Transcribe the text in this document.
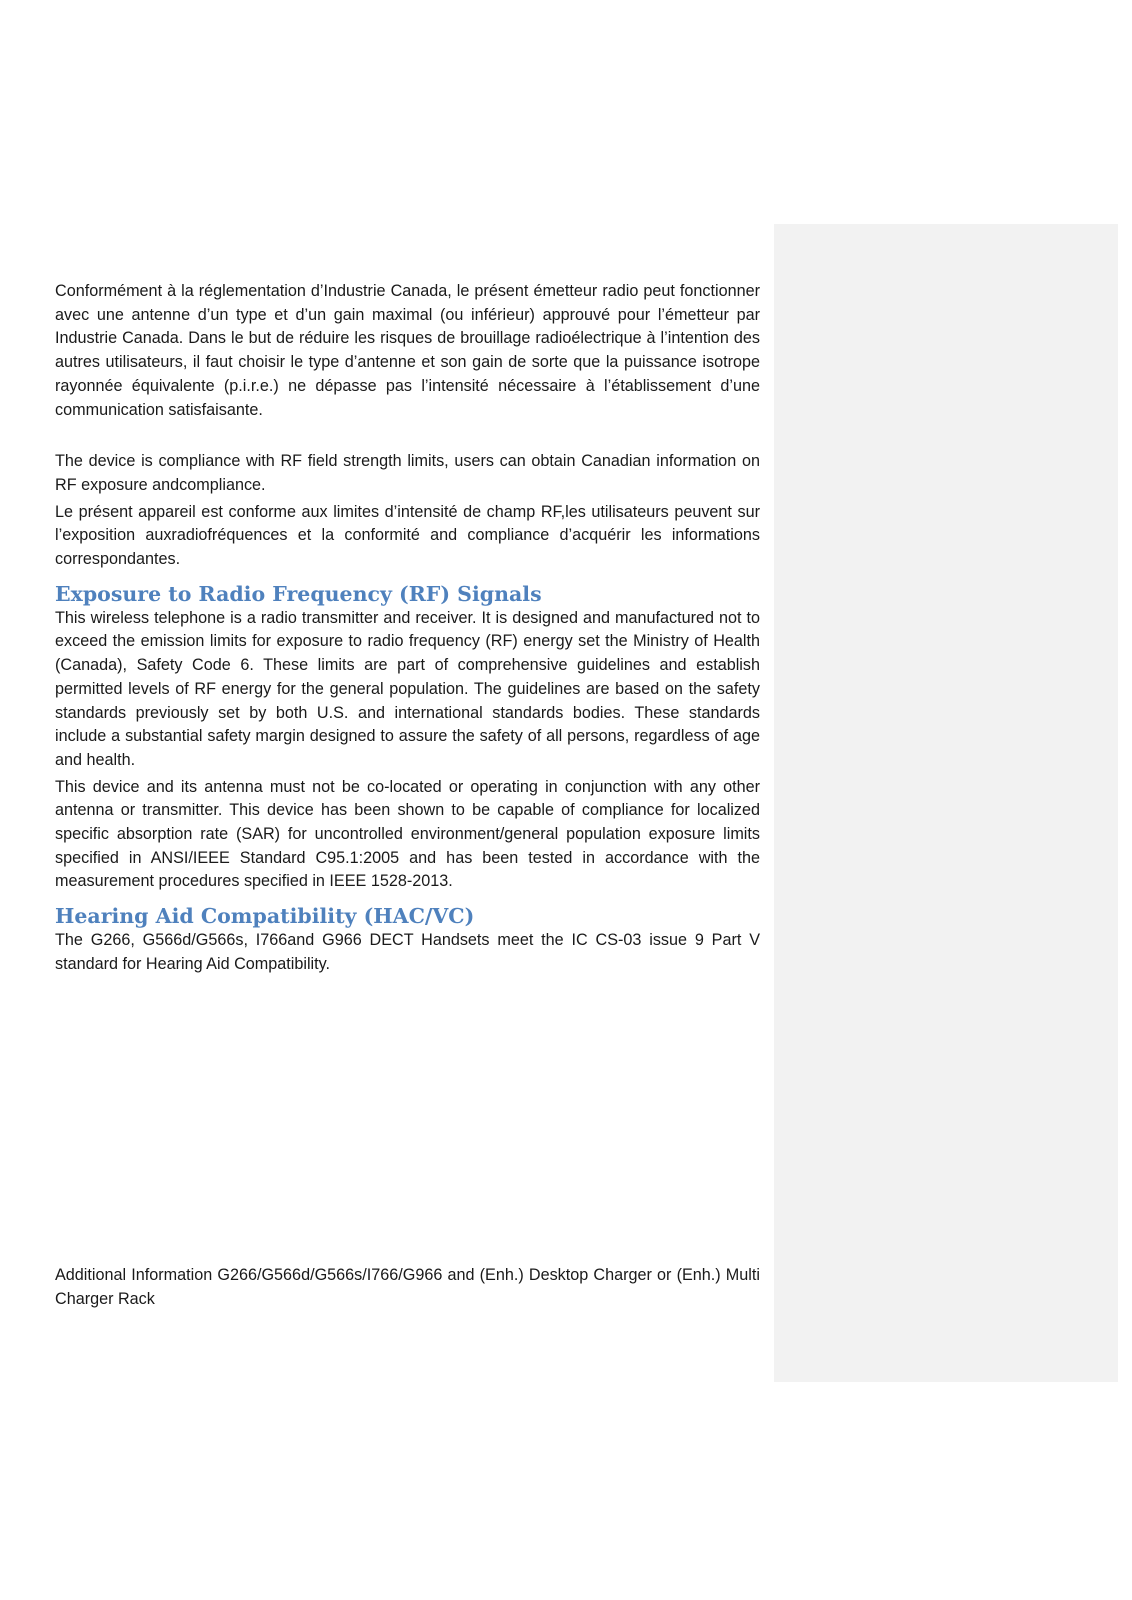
Conformément à la réglementation d’Industrie Canada, le présent émetteur radio peut fonctionner avec une antenne d’un type et d’un gain maximal (ou inférieur) approuvé pour l’émetteur par Industrie Canada. Dans le but de réduire les risques de brouillage radioélectrique à l’intention des autres utilisateurs, il faut choisir le type d’antenne et son gain de sorte que la puissance isotrope rayonnée équivalente (p.i.r.e.) ne dépasse pas l’intensité nécessaire à l’établissement d’une communication satisfaisante.

The device is compliance with RF field strength limits, users can obtain Canadian information on RF exposure andcompliance.

Le présent appareil est conforme aux limites d’intensité de champ RF,les utilisateurs peuvent sur l’exposition auxradiofréquences et la conformité and compliance d’acquérir les informations correspondantes.

Exposure to Radio Frequency (RF) Signals

This wireless telephone is a radio transmitter and receiver. It is designed and manufactured not to exceed the emission limits for exposure to radio frequency (RF) energy set the Ministry of Health (Canada), Safety Code 6. These limits are part of comprehensive guidelines and establish permitted levels of RF energy for the general population. The guidelines are based on the safety standards previously set by both U.S. and international standards bodies. These standards include a substantial safety margin designed to assure the safety of all persons, regardless of age and health.

This device and its antenna must not be co-located or operating in conjunction with any other antenna or transmitter. This device has been shown to be capable of compliance for localized specific absorption rate (SAR) for uncontrolled environment/general population exposure limits specified in ANSI/IEEE Standard C95.1:2005 and has been tested in accordance with the measurement procedures specified in IEEE 1528-2013.

Hearing Aid Compatibility (HAC/VC)

The G266, G566d/G566s, I766and G966 DECT Handsets meet the IC CS-03 issue 9 Part V standard for Hearing Aid Compatibility.

Additional Information G266/G566d/G566s/I766/G966 and (Enh.) Desktop Charger or (Enh.) Multi Charger Rack
